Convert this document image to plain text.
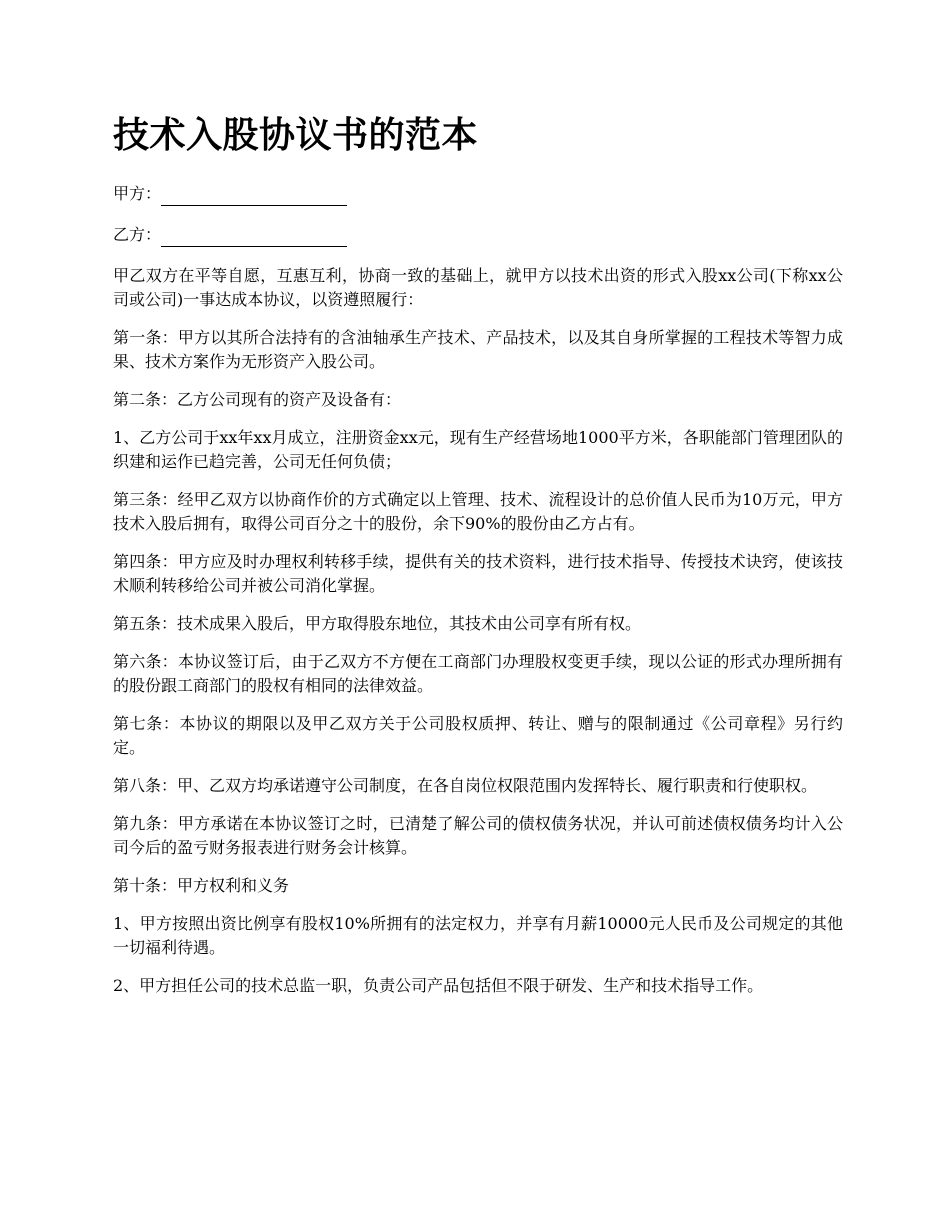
技术入股协议书的范本
甲方：
乙方：

甲乙双方在平等自愿，互惠互利，协商一致的基础上，就甲方以技术出资的形式入股xx公司(下称xx公司或公司)一事达成本协议，以资遵照履行：

第一条：甲方以其所合法持有的含油轴承生产技术、产品技术，以及其自身所掌握的工程技术等智力成果、技术方案作为无形资产入股公司。

第二条：乙方公司现有的资产及设备有：

1、乙方公司于xx年xx月成立，注册资金xx元，现有生产经营场地1000平方米，各职能部门管理团队的织建和运作已趋完善，公司无任何负债；

第三条：经甲乙双方以协商作价的方式确定以上管理、技术、流程设计的总价值人民币为10万元，甲方技术入股后拥有，取得公司百分之十的股份，余下90%的股份由乙方占有。

第四条：甲方应及时办理权利转移手续，提供有关的技术资料，进行技术指导、传授技术诀窍，使该技术顺利转移给公司并被公司消化掌握。

第五条：技术成果入股后，甲方取得股东地位，其技术由公司享有所有权。

第六条：本协议签订后，由于乙双方不方便在工商部门办理股权变更手续，现以公证的形式办理所拥有的股份跟工商部门的股权有相同的法律效益。

第七条：本协议的期限以及甲乙双方关于公司股权质押、转让、赠与的限制通过《公司章程》另行约定。

第八条：甲、乙双方均承诺遵守公司制度，在各自岗位权限范围内发挥特长、履行职责和行使职权。

第九条：甲方承诺在本协议签订之时，已清楚了解公司的债权债务状况，并认可前述债权债务均计入公司今后的盈亏财务报表进行财务会计核算。

第十条：甲方权利和义务

1、甲方按照出资比例享有股权10%所拥有的法定权力，并享有月薪10000元人民币及公司规定的其他一切福利待遇。

2、甲方担任公司的技术总监一职，负责公司产品包括但不限于研发、生产和技术指导工作。
